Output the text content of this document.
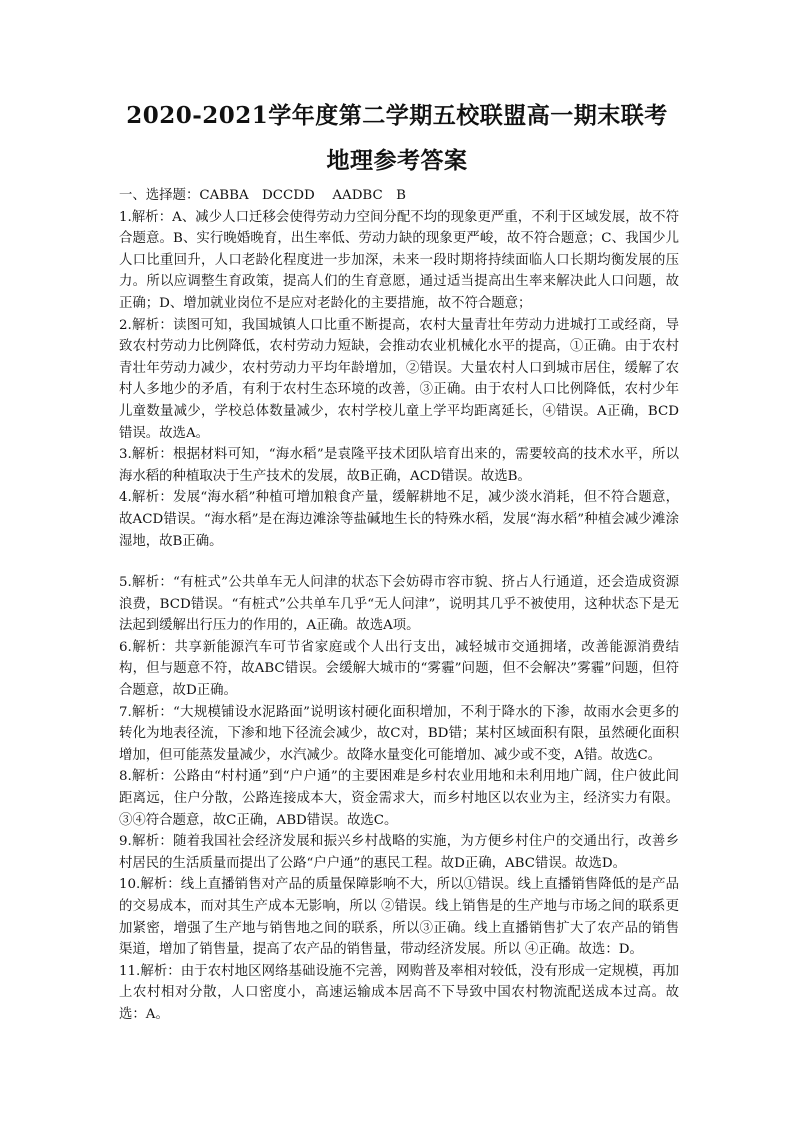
2020-2021学年度第二学期五校联盟高一期末联考
地理参考答案

一、选择题：CABBA　DCCDD　 AADBC　B

1.解析：A、减少人口迁移会使得劳动力空间分配不均的现象更严重，不利于区域发展，故不符合题意。B、实行晚婚晚育，出生率低、劳动力缺的现象更严峻，故不符合题意；C、我国少儿人口比重回升，人口老龄化程度进一步加深，未来一段时期将持续面临人口长期均衡发展的压力。所以应调整生育政策，提高人们的生育意愿，通过适当提高出生率来解决此人口问题，故正确；D、增加就业岗位不是应对老龄化的主要措施，故不符合题意；

2.解析：读图可知，我国城镇人口比重不断提高，农村大量青壮年劳动力进城打工或经商，导致农村劳动力比例降低，农村劳动力短缺，会推动农业机械化水平的提高，①正确。由于农村青壮年劳动力减少，农村劳动力平均年龄增加，②错误。大量农村人口到城市居住，缓解了农村人多地少的矛盾，有利于农村生态环境的改善，③正确。由于农村人口比例降低，农村少年儿童数量减少，学校总体数量减少，农村学校儿童上学平均距离延长，④错误。A正确，BCD错误。故选A。

3.解析：根据材料可知，“海水稻”是袁隆平技术团队培育出来的，需要较高的技术水平，所以海水稻的种植取决于生产技术的发展，故B正确，ACD错误。故选B。

4.解析：发展“海水稻”种植可增加粮食产量，缓解耕地不足，减少淡水消耗，但不符合题意，故ACD错误。“海水稻”是在海边滩涂等盐碱地生长的特殊水稻，发展“海水稻”种植会减少滩涂湿地，故B正确。

5.解析：“有桩式”公共单车无人问津的状态下会妨碍市容市貌、挤占人行通道，还会造成资源浪费，BCD错误。“有桩式”公共单车几乎“无人问津”，说明其几乎不被使用，这种状态下是无法起到缓解出行压力的作用的，A正确。故选A项。

6.解析：共享新能源汽车可节省家庭或个人出行支出，减轻城市交通拥堵，改善能源消费结构，但与题意不符，故ABC错误。会缓解大城市的“雾霾”问题，但不会解决”雾霾”问题，但符合题意，故D正确。

7.解析：“大规模铺设水泥路面”说明该村硬化面积增加，不利于降水的下渗，故雨水会更多的转化为地表径流，下渗和地下径流会减少，故C对，BD错；某村区域面积有限，虽然硬化面积增加，但可能蒸发量减少，水汽减少。故降水量变化可能增加、减少或不变，A错。故选C。

8.解析：公路由“村村通”到“户户通”的主要困难是乡村农业用地和未利用地广阔，住户彼此间距离远，住户分散，公路连接成本大，资金需求大，而乡村地区以农业为主，经济实力有限。③④符合题意，故C正确，ABD错误。故选C。

9.解析：随着我国社会经济发展和振兴乡村战略的实施，为方便乡村住户的交通出行，改善乡村居民的生活质量而提出了公路“户户通”的惠民工程。故D正确，ABC错误。故选D。

10.解析：线上直播销售对产品的质量保障影响不大，所以①错误。线上直播销售降低的是产品的交易成本，而对其生产成本无影响，所以 ②错误。线上销售是的生产地与市场之间的联系更加紧密，增强了生产地与销售地之间的联系，所以③正确。线上直播销售扩大了农产品的销售渠道，增加了销售量，提高了农产品的销售量，带动经济发展。所以 ④正确。故选：D。

11.解析：由于农村地区网络基础设施不完善，网购普及率相对较低，没有形成一定规模，再加上农村相对分散，人口密度小，高速运输成本居高不下导致中国农村物流配送成本过高。故选：A。
